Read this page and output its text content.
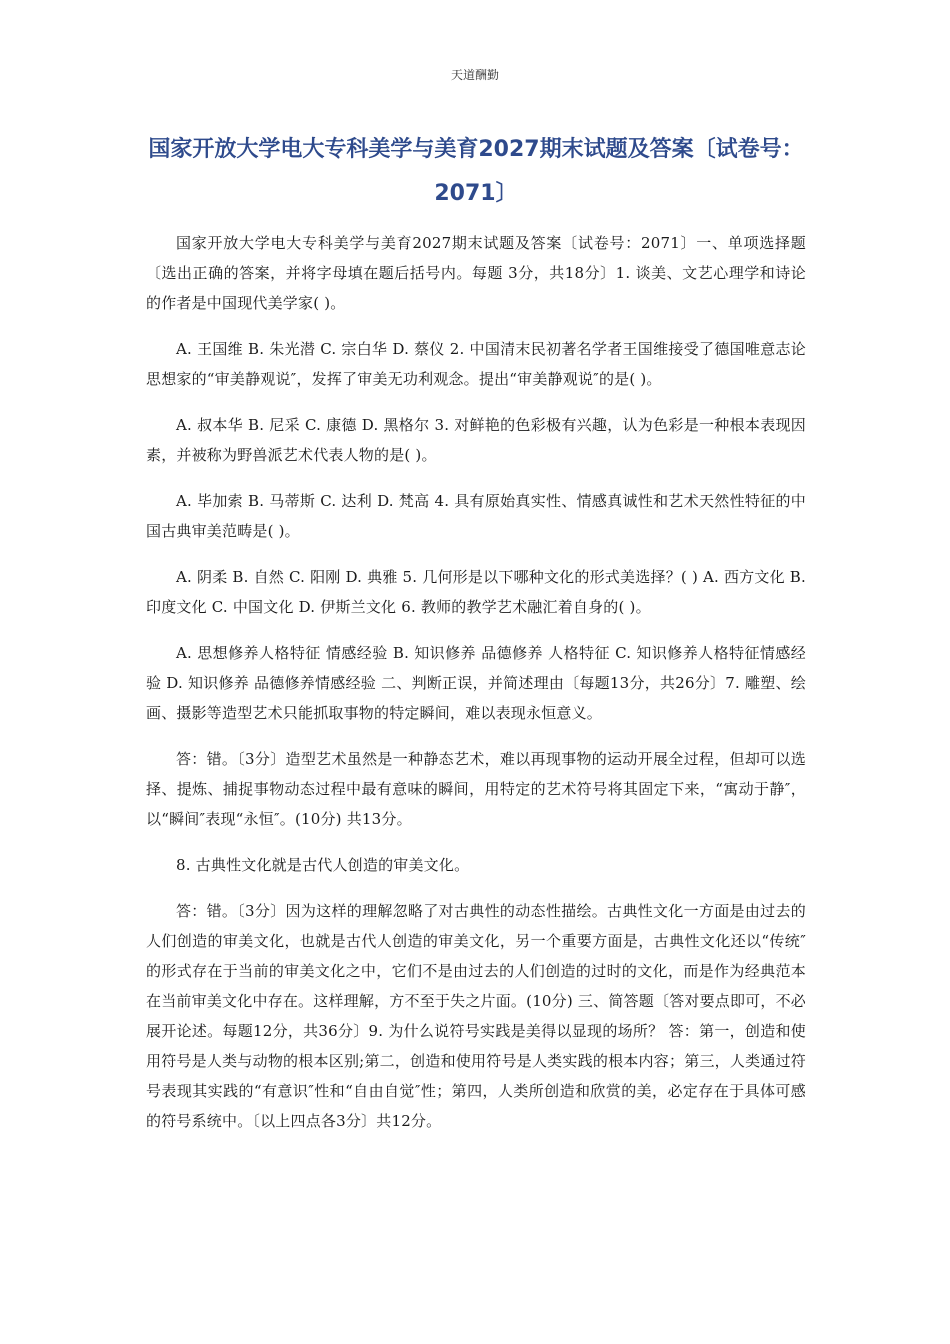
天道酬勤
国家开放大学电大专科美学与美育2027期末试题及答案〔试卷号：2071〕

国家开放大学电大专科美学与美育2027期末试题及答案〔试卷号：2071〕一、单项选择题〔选出正确的答案，并将字母填在题后括号内。每题 3分，共18分〕1. 谈美、文艺心理学和诗论的作者是中国现代美学家( )。

A. 王国维 B. 朱光潜 C. 宗白华 D. 蔡仪 2. 中国清末民初著名学者王国维接受了德国唯意志论思想家的“审美静观说″，发挥了审美无功利观念。提出“审美静观说″的是( )。

A. 叔本华 B. 尼采 C. 康德 D. 黑格尔 3. 对鲜艳的色彩极有兴趣，认为色彩是一种根本表现因素，并被称为野兽派艺术代表人物的是( )。

A. 毕加索 B. 马蒂斯 C. 达利 D. 梵高 4. 具有原始真实性、情感真诚性和艺术天然性特征的中国古典审美范畴是( )。

A. 阴柔 B. 自然 C. 阳刚 D. 典雅 5. 几何形是以下哪种文化的形式美选择？( ) A. 西方文化 B. 印度文化 C. 中国文化 D. 伊斯兰文化 6. 教师的教学艺术融汇着自身的( )。

A. 思想修养人格特征 情感经验 B. 知识修养 品德修养 人格特征 C. 知识修养人格特征情感经验 D. 知识修养 品德修养情感经验 二、判断正误，并简述理由〔每题13分，共26分〕7. 雕塑、绘画、摄影等造型艺术只能抓取事物的特定瞬间，难以表现永恒意义。

答：错。〔3分〕造型艺术虽然是一种静态艺术，难以再现事物的运动开展全过程，但却可以选择、提炼、捕捉事物动态过程中最有意味的瞬间，用特定的艺术符号将其固定下来，“寓动于静″，以“瞬间″表现“永恒″。(10分) 共13分。

8. 古典性文化就是古代人创造的审美文化。

答：错。〔3分〕因为这样的理解忽略了对古典性的动态性描绘。古典性文化一方面是由过去的人们创造的审美文化，也就是古代人创造的审美文化，另一个重要方面是，古典性文化还以“传统″的形式存在于当前的审美文化之中，它们不是由过去的人们创造的过时的文化，而是作为经典范本在当前审美文化中存在。这样理解，方不至于失之片面。(10分) 三、简答题〔答对要点即可，不必展开论述。每题12分，共36分〕9. 为什么说符号实践是美得以显现的场所？ 答：第一，创造和使用符号是人类与动物的根本区别;第二，创造和使用符号是人类实践的根本内容；第三，人类通过符号表现其实践的“有意识″性和“自由自觉″性；第四，人类所创造和欣赏的美，必定存在于具体可感的符号系统中。〔以上四点各3分〕共12分。
